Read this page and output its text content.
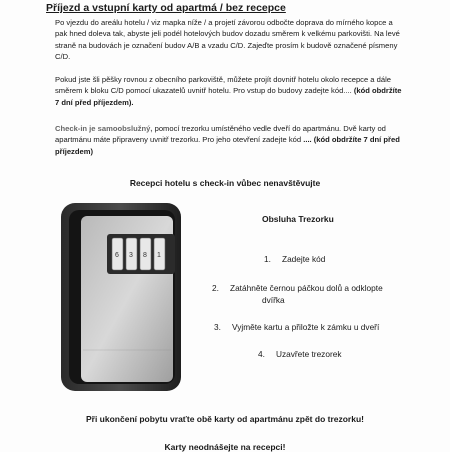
Příjezd a vstupní karty od apartmá / bez recepce
Po vjezdu do areálu hotelu / viz mapka níže / a projetí závorou odbočte doprava do mírného kopce a pak hned doleva tak, abyste jeli podél hotelových budov dozadu směrem k velkému parkovišti. Na levé straně na budovách je označení budov A/B a vzadu C/D. Zajeďte prosím k budově označené písmeny C/D.
Pokud jste šli pěšky rovnou z obecního parkoviště, můžete projít dovnitř hotelu okolo recepce a dále směrem k bloku C/D pomocí ukazatelů uvnitř hotelu. Pro vstup do budovy zadejte kód.... (kód obdržíte 7 dní před příjezdem).
Check-in je samoobslužný, pomocí trezorku umístěného vedle dveří do apartmánu. Dvě karty od apartmánu máte připraveny uvnitř trezorku. Pro jeho otevření zadejte kód .... (kód obdržíte 7 dní před příjezdem)
Recepci hotelu s check-in vůbec nenavštěvujte
6 3 8 1
Obsluha Trezorku
1. Zadejte kód
2. Zatáhněte černou páčkou dolů a odklopte
dvířka
3. Vyjměte kartu a přiložte k zámku u dveří
4. Uzavřete trezorek
Při ukončení pobytu vraťte obě karty od apartmánu zpět do trezorku!
Karty neodnášejte na recepci!
